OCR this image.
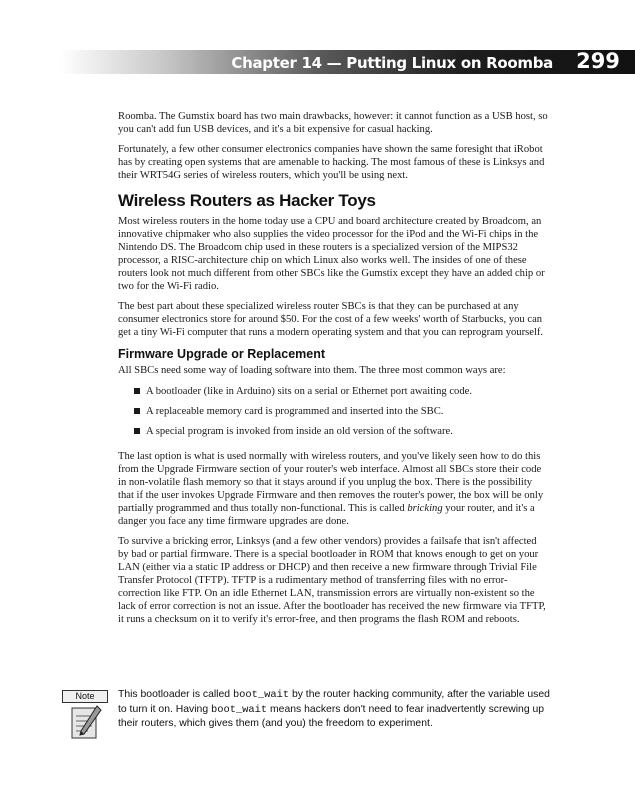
Chapter 14 — Putting Linux on Roomba	299

Roomba. The Gumstix board has two main drawbacks, however: it cannot function as a USB host, so you can't add fun USB devices, and it's a bit expensive for casual hacking.

Fortunately, a few other consumer electronics companies have shown the same foresight that iRobot has by creating open systems that are amenable to hacking. The most famous of these is Linksys and their WRT54G series of wireless routers, which you'll be using next.

Wireless Routers as Hacker Toys

Most wireless routers in the home today use a CPU and board architecture created by Broadcom, an innovative chipmaker who also supplies the video processor for the iPod and the Wi-Fi chips in the Nintendo DS. The Broadcom chip used in these routers is a specialized version of the MIPS32 processor, a RISC-architecture chip on which Linux also works well. The insides of one of these routers look not much different from other SBCs like the Gumstix except they have an added chip or two for the Wi-Fi radio.

The best part about these specialized wireless router SBCs is that they can be purchased at any consumer electronics store for around $50. For the cost of a few weeks' worth of Starbucks, you can get a tiny Wi-Fi computer that runs a modern operating system and that you can reprogram yourself.

Firmware Upgrade or Replacement

All SBCs need some way of loading software into them. The three most common ways are:

A bootloader (like in Arduino) sits on a serial or Ethernet port awaiting code.
A replaceable memory card is programmed and inserted into the SBC.
A special program is invoked from inside an old version of the software.

The last option is what is used normally with wireless routers, and you've likely seen how to do this from the Upgrade Firmware section of your router's web interface. Almost all SBCs store their code in non-volatile flash memory so that it stays around if you unplug the box. There is the possibility that if the user invokes Upgrade Firmware and then removes the router's power, the box will be only partially programmed and thus totally non-functional. This is called bricking your router, and it's a danger you face any time firmware upgrades are done.

To survive a bricking error, Linksys (and a few other vendors) provides a failsafe that isn't affected by bad or partial firmware. There is a special bootloader in ROM that knows enough to get on your LAN (either via a static IP address or DHCP) and then receive a new firmware through Trivial File Transfer Protocol (TFTP). TFTP is a rudimentary method of transferring files with no error-correction like FTP. On an idle Ethernet LAN, transmission errors are virtually non-existent so the lack of error correction is not an issue. After the bootloader has received the new firmware via TFTP, it runs a checksum on it to verify it's error-free, and then programs the flash ROM and reboots.

Note	This bootloader is called boot_wait by the router hacking community, after the variable used to turn it on. Having boot_wait means hackers don't need to fear inadvertently screwing up their routers, which gives them (and you) the freedom to experiment.
